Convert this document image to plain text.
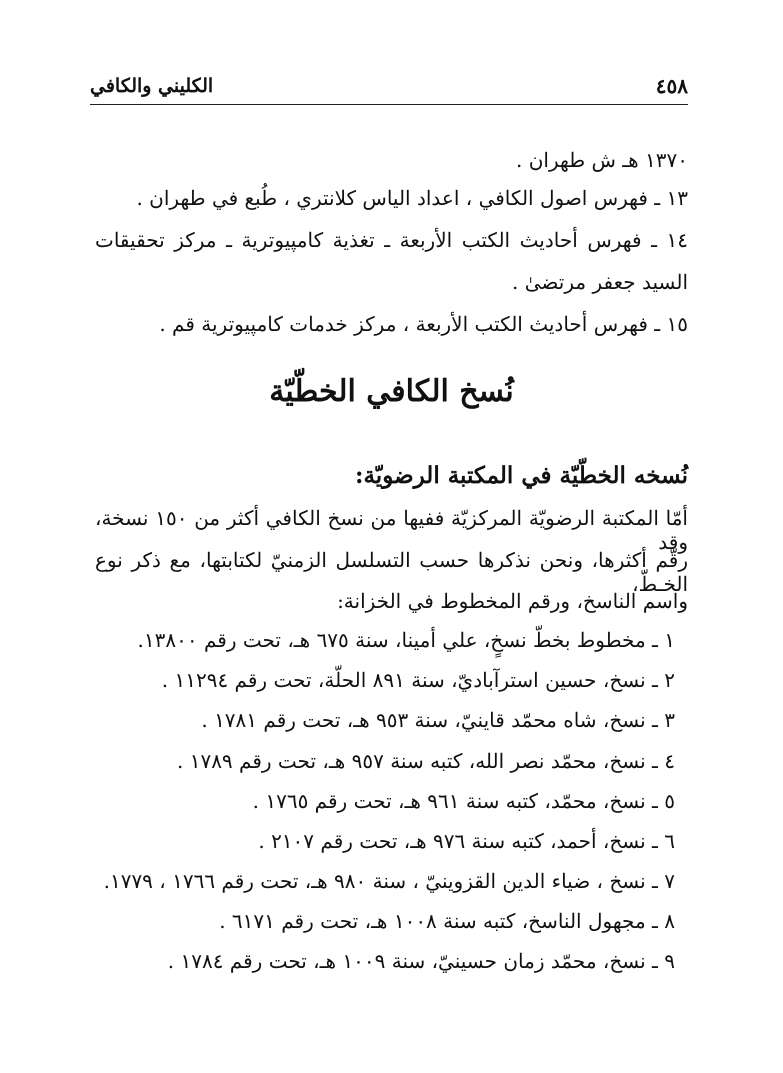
٤٥٨
الكليني والكافي
١٣٧٠ هـ ش طهران .
١٣ ـ فهرس اصول الكافي ، اعداد الياس كلانتري ، طُبع في طهران .
١٤ ـ فهرس أحاديث الكتب الأربعة ـ تغذية كامپيوترية ـ مركز تحقيقات
السيد جعفر مرتضىٰ .
١٥ ـ فهرس أحاديث الكتب الأربعة ، مركز خدمات كامپيوترية قم .
نُسخ الكافي الخطّيّة
نُسخه الخطّيّة في المكتبة الرضويّة:
أمّا المكتبة الرضويّة المركزيّة ففيها من نسخ الكافي أكثر من ١٥٠ نسخة، وقد
رقّم أكثرها، ونحن نذكرها حسب التسلسل الزمنيّ لكتابتها، مع ذكر نوع الخـطّ،
واسم الناسخ، ورقم المخطوط في الخزانة:
١ ـ مخطوط بخطّ نسخٍ، علي أمينا، سنة ٦٧٥ هـ، تحت رقم ١٣٨٠٠.
٢ ـ نسخ، حسين استرآباديّ، سنة ٨٩١ الحلّة، تحت رقم ١١٢٩٤ .
٣ ـ نسخ، شاه محمّد قاينيّ، سنة ٩٥٣ هـ، تحت رقم ١٧٨١ .
٤ ـ نسخ، محمّد نصر الله، كتبه سنة ٩٥٧ هـ، تحت رقم ١٧٨٩ .
٥ ـ نسخ، محمّد، كتبه سنة ٩٦١ هـ، تحت رقم ١٧٦٥ .
٦ ـ نسخ، أحمد، كتبه سنة ٩٧٦ هـ، تحت رقم ٢١٠٧ .
٧ ـ نسخ ، ضياء الدين القزوينيّ ، سنة ٩٨٠ هـ، تحت رقم ١٧٦٦ ، ١٧٧٩.
٨ ـ مجهول الناسخ، كتبه سنة ١٠٠٨ هـ، تحت رقم ٦١٧١ .
٩ ـ نسخ، محمّد زمان حسينيّ، سنة ١٠٠٩ هـ، تحت رقم ١٧٨٤ .
